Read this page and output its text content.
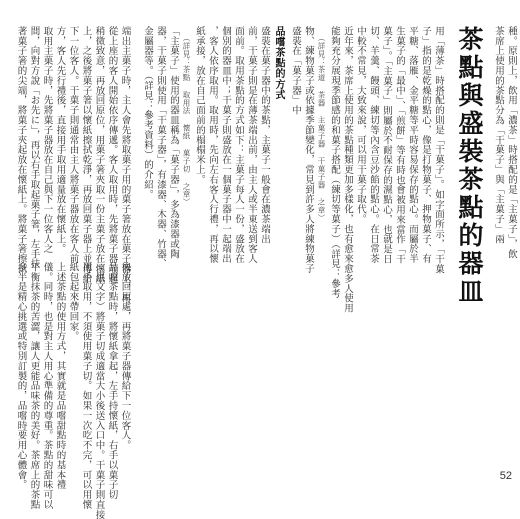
茶點與盛裝茶點的器皿 茶席上使用的茶點分為「干菓子」與「主菓子」兩 種。原則上，飲用「濃茶」時搭配的是「主菓子」，飲
用「薄茶」時搭配的則是「干菓子」。如字面所示，「干菓
子」指的是乾燥的點心，像是打物菓子、押物菓子、有
平糖、落雁、金平糖等平時容易保存的點心。而屬於半
生菓子的「最中」、「煎餅」等有時也會被用來當作「干
菓子」。「主菓子」則屬於不耐保存的濕點心，也就是日
切、羊羹、饅頭、練切等內含豆沙餡的點心。在日常茶
中較不常見，大致來說，可以用干菓子取代。
近年來，茶席上使用的茶點種類更加多樣化，也有愈來愈多人使用
能夠充分展現季節感的和菓子搭配（練切等菓子）（詳見：參考
（詳見：茶道 茶器 主菓子器 干菓子器 之章）
物、練物菓子或依據季節變化，常見到許多人將練物菓子
盛裝在「菓子器」中
品嚐茶點的方式
盛裝在菓子器中的茶點，主菓子一般會在濃茶端出
前，干菓子則是在薄茶端出前，由主人或半東送到客人
面前。取用茶點的方式如下：主菓子每人一份，盛放在
個別的器皿中；干菓子則盛放在一個菓子器中一起端出
，客人依序取用。取用時，先向左右客人行禮，再以懷
紙承接，放在自己面前的榻榻米上。
（詳見：茶點 取用法 懷紙 菓子切 之章）
「主菓子」使用的器皿稱為「菓子器」，多為漆器或陶
器，干菓子則使用「干菓子器」，有漆器、木器、竹器、
金屬器等。（詳見：參考資料）的介紹。
端出主菓子時，主人會先將取菓子用的菓子箸放在菓子器上，再
從上座的客人開始依序傳遞。客人取用時，先將菓子器端起
稍微致意，再放回原位，用菓子箸夾取一份主菓子放在懷紙
上，之後將菓子箸以懷紙擦拭乾淨，再放回菓子器上並傳給
下一位客人。干菓子則通常由主人將菓子器放在客人前
方，客人先行禮後，直接用手取用適量放在懷紙上。
取用主菓子時，先將菓子器放在自己與下一位客人之
間，向對方說「お先に」，再以右手取起菓子箸，左手扶
著菓子箸的尖端，將菓子夾起放在懷紙上。將菓子箸擦拭
後放回原處，再將菓子器傳給下一位客人。
品嚐茶點時，將懷紙拿起，左手持懷紙，右手以菓子切
（黑文字）將菓子切成適當大小後送入口中。干菓子則直接
用手取用，不須使用菓子切。如果一次吃不完，可以用懷
紙包起來帶回家。
上述茶點的使用方式，其實就是品嚐甜點時的基本禮
儀。同時，也是對主人用心準備的尊重。茶點的甜味可以
平衡抹茶的苦澀，讓人更能品味茶的美好。茶席上的茶點
多半是精心挑選或特別訂製的，品嚐時要用心體會。	52
